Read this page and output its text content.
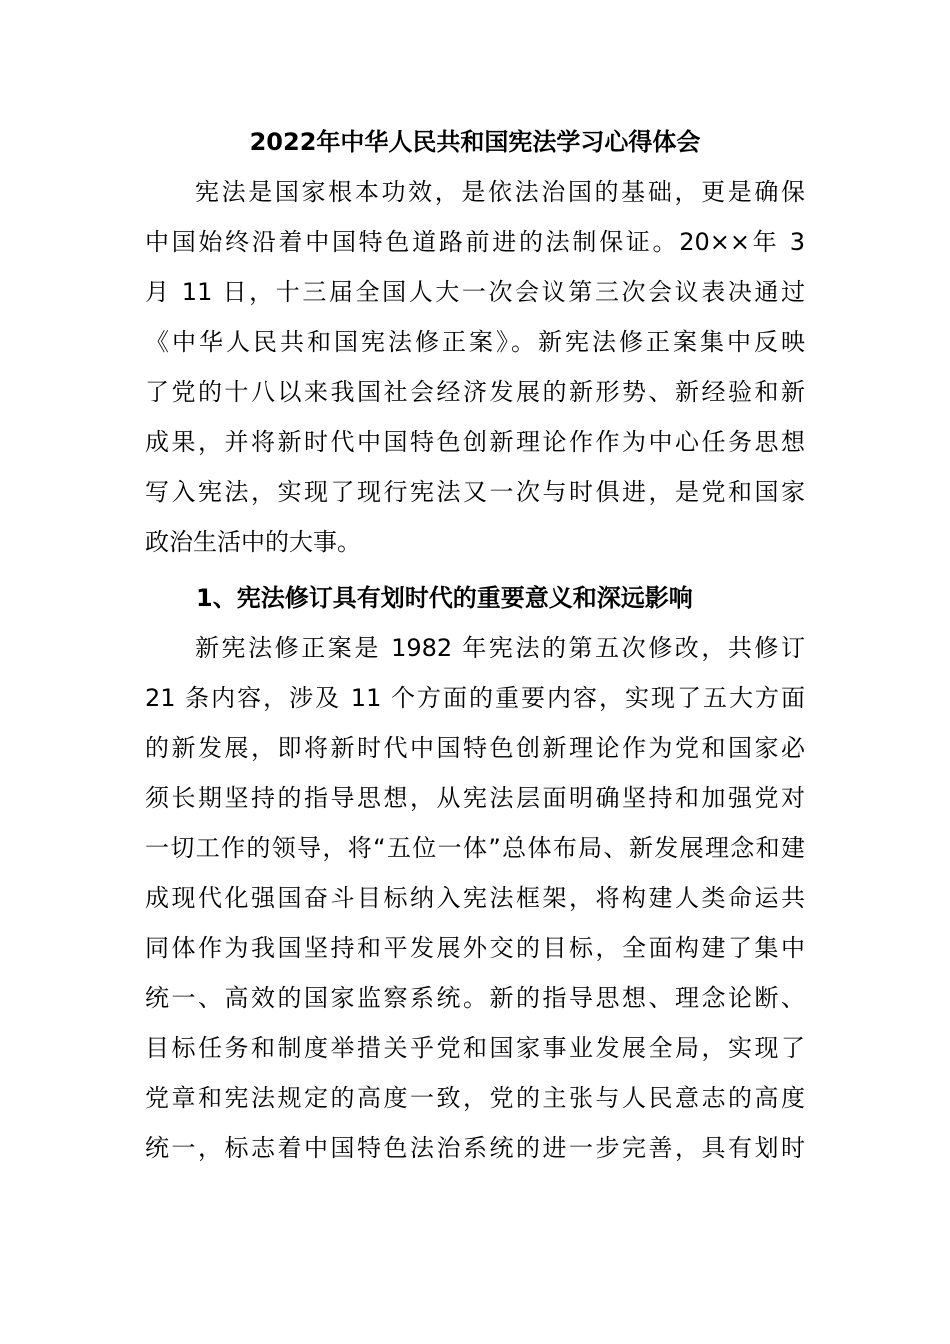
2022年中华人民共和国宪法学习心得体会

宪法是国家根本功效，是依法治国的基础，更是确保

中国始终沿着中国特色道路前进的法制保证。20××年 3

月 11 日，十三届全国人大一次会议第三次会议表决通过

《中华人民共和国宪法修正案》。新宪法修正案集中反映

了党的十八以来我国社会经济发展的新形势、新经验和新

成果，并将新时代中国特色创新理论作作为中心任务思想

写入宪法，实现了现行宪法又一次与时俱进，是党和国家

政治生活中的大事。

1、宪法修订具有划时代的重要意义和深远影响

新宪法修正案是 1982 年宪法的第五次修改，共修订

21 条内容，涉及 11 个方面的重要内容，实现了五大方面

的新发展，即将新时代中国特色创新理论作为党和国家必

须长期坚持的指导思想，从宪法层面明确坚持和加强党对

一切工作的领导，将“五位一体”总体布局、新发展理念和建

成现代化强国奋斗目标纳入宪法框架，将构建人类命运共

同体作为我国坚持和平发展外交的目标，全面构建了集中

统一、高效的国家监察系统。新的指导思想、理念论断、

目标任务和制度举措关乎党和国家事业发展全局，实现了

党章和宪法规定的高度一致，党的主张与人民意志的高度

统一，标志着中国特色法治系统的进一步完善，具有划时
